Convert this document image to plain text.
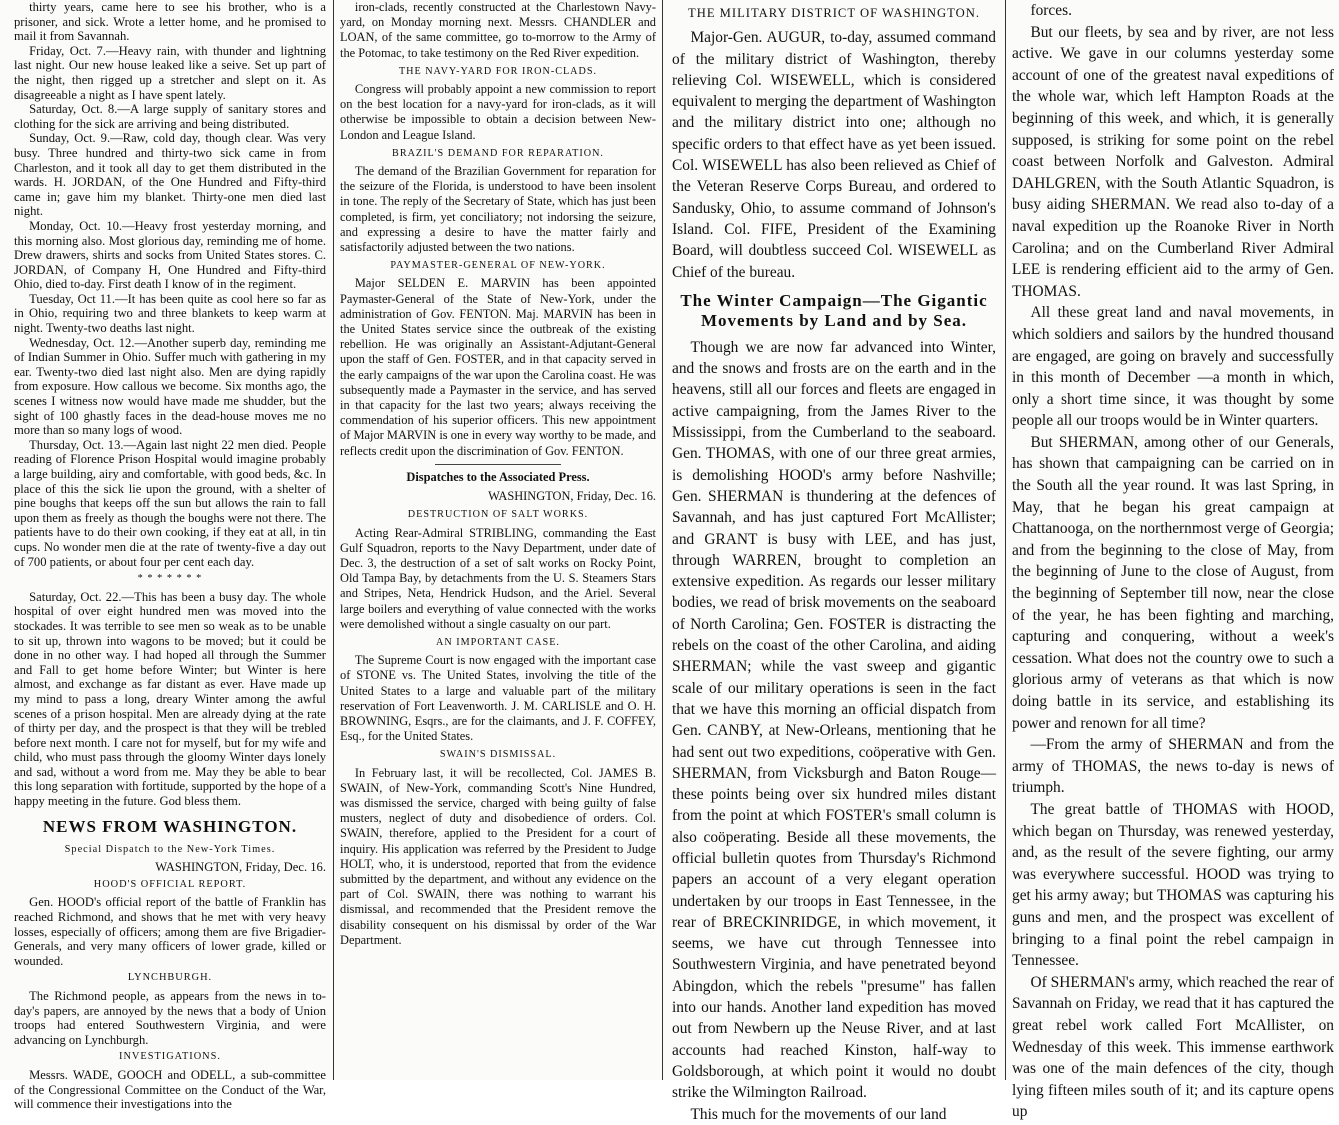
thirty years, came here to see his brother, who is a prisoner, and sick. Wrote a letter home, and he promised to mail it from Savannah.

Friday, Oct. 7.—Heavy rain, with thunder and lightning last night. Our new house leaked like a seive. Set up part of the night, then rigged up a stretcher and slept on it. As disagreeable a night as I have spent lately.

Saturday, Oct. 8.—A large supply of sanitary stores and clothing for the sick are arriving and being distributed.

Sunday, Oct. 9.—Raw, cold day, though clear. Was very busy. Three hundred and thirty-two sick came in from Charleston, and it took all day to get them distributed in the wards. H. JORDAN, of the One Hundred and Fifty-third came in; gave him my blanket. Thirty-one men died last night.

Monday, Oct. 10.—Heavy frost yesterday morning, and this morning also. Most glorious day, reminding me of home. Drew drawers, shirts and socks from United States stores. C. JORDAN, of Company H, One Hundred and Fifty-third Ohio, died to-day. First death I know of in the regiment.

Tuesday, Oct 11.—It has been quite as cool here so far as in Ohio, requiring two and three blankets to keep warm at night. Twenty-two deaths last night.

Wednesday, Oct. 12.—Another superb day, reminding me of Indian Summer in Ohio. Suffer much with gathering in my ear. Twenty-two died last night also. Men are dying rapidly from exposure. How callous we become. Six months ago, the scenes I witness now would have made me shudder, but the sight of 100 ghastly faces in the dead-house moves me no more than so many logs of wood.

Thursday, Oct. 13.—Again last night 22 men died. People reading of Florence Prison Hospital would imagine probably a large building, airy and comfortable, with good beds, &c. In place of this the sick lie upon the ground, with a shelter of pine boughs that keeps off the sun but allows the rain to fall upon them as freely as though the boughs were not there. The patients have to do their own cooking, if they eat at all, in tin cups. No wonder men die at the rate of twenty-five a day out of 700 patients, or about four per cent each day.

* * * * * * *

Saturday, Oct. 22.—This has been a busy day. The whole hospital of over eight hundred men was moved into the stockades. It was terrible to see men so weak as to be unable to sit up, thrown into wagons to be moved; but it could be done in no other way. I had hoped all through the Summer and Fall to get home before Winter; but Winter is here almost, and exchange as far distant as ever. Have made up my mind to pass a long, dreary Winter among the awful scenes of a prison hospital. Men are already dying at the rate of thirty per day, and the prospect is that they will be trebled before next month. I care not for myself, but for my wife and child, who must pass through the gloomy Winter days lonely and sad, without a word from me. May they be able to bear this long separation with fortitude, supported by the hope of a happy meeting in the future. God bless them.

NEWS FROM WASHINGTON.

Special Dispatch to the New-York Times.

WASHINGTON, Friday, Dec. 16.

HOOD'S OFFICIAL REPORT.

Gen. HOOD's official report of the battle of Franklin has reached Richmond, and shows that he met with very heavy losses, especially of officers; among them are five Brigadier-Generals, and very many officers of lower grade, killed or wounded.

LYNCHBURGH.

The Richmond people, as appears from the news in to-day's papers, are annoyed by the news that a body of Union troops had entered Southwestern Virginia, and were advancing on Lynchburgh.

INVESTIGATIONS.

Messrs. WADE, GOOCH and ODELL, a sub-committee of the Congressional Committee on the Conduct of the War, will commence their investigations into the

iron-clads, recently constructed at the Charlestown Navy-yard, on Monday morning next. Messrs. CHANDLER and LOAN, of the same committee, go to-morrow to the Army of the Potomac, to take testimony on the Red River expedition.

THE NAVY-YARD FOR IRON-CLADS.

Congress will probably appoint a new commission to report on the best location for a navy-yard for iron-clads, as it will otherwise be impossible to obtain a decision between New-London and League Island.

BRAZIL'S DEMAND FOR REPARATION.

The demand of the Brazilian Government for reparation for the seizure of the Florida, is understood to have been insolent in tone. The reply of the Secretary of State, which has just been completed, is firm, yet conciliatory; not indorsing the seizure, and expressing a desire to have the matter fairly and satisfactorily adjusted between the two nations.

PAYMASTER-GENERAL OF NEW-YORK.

Major SELDEN E. MARVIN has been appointed Paymaster-General of the State of New-York, under the administration of Gov. FENTON. Maj. MARVIN has been in the United States service since the outbreak of the existing rebellion. He was originally an Assistant-Adjutant-General upon the staff of Gen. FOSTER, and in that capacity served in the early campaigns of the war upon the Carolina coast. He was subsequently made a Paymaster in the service, and has served in that capacity for the last two years; always receiving the commendation of his superior officers. This new appointment of Major MARVIN is one in every way worthy to be made, and reflects credit upon the discrimination of Gov. FENTON.

Dispatches to the Associated Press.

WASHINGTON, Friday, Dec. 16.

DESTRUCTION OF SALT WORKS.

Acting Rear-Admiral STRIBLING, commanding the East Gulf Squadron, reports to the Navy Department, under date of Dec. 3, the destruction of a set of salt works on Rocky Point, Old Tampa Bay, by detachments from the U. S. Steamers Stars and Stripes, Neta, Hendrick Hudson, and the Ariel. Several large boilers and everything of value connected with the works were demolished without a single casualty on our part.

AN IMPORTANT CASE.

The Supreme Court is now engaged with the important case of STONE vs. The United States, involving the title of the United States to a large and valuable part of the military reservation of Fort Leavenworth. J. M. CARLISLE and O. H. BROWNING, Esqrs., are for the claimants, and J. F. COFFEY, Esq., for the United States.

SWAIN'S DISMISSAL.

In February last, it will be recollected, Col. JAMES B. SWAIN, of New-York, commanding Scott's Nine Hundred, was dismissed the service, charged with being guilty of false musters, neglect of duty and disobedience of orders. Col. SWAIN, therefore, applied to the President for a court of inquiry. His application was referred by the President to Judge HOLT, who, it is understood, reported that from the evidence submitted by the department, and without any evidence on the part of Col. SWAIN, there was nothing to warrant his dismissal, and recommended that the President remove the disability consequent on his dismissal by order of the War Department.

THE MILITARY DISTRICT OF WASHINGTON.

Major-Gen. AUGUR, to-day, assumed command of the military district of Washington, thereby relieving Col. WISEWELL, which is considered equivalent to merging the department of Washington and the military district into one; although no specific orders to that effect have as yet been issued. Col. WISEWELL has also been relieved as Chief of the Veteran Reserve Corps Bureau, and ordered to Sandusky, Ohio, to assume command of Johnson's Island. Col. FIFE, President of the Examining Board, will doubtless succeed Col. WISEWELL as Chief of the bureau.

The Winter Campaign—The Gigantic Movements by Land and by Sea.

Though we are now far advanced into Winter, and the snows and frosts are on the earth and in the heavens, still all our forces and fleets are engaged in active campaigning, from the James River to the Mississippi, from the Cumberland to the seaboard. Gen. THOMAS, with one of our three great armies, is demolishing HOOD's army before Nashville; Gen. SHERMAN is thundering at the defences of Savannah, and has just captured Fort McAllister; and GRANT is busy with LEE, and has just, through WARREN, brought to completion an extensive expedition. As regards our lesser military bodies, we read of brisk movements on the seaboard of North Carolina; Gen. FOSTER is distracting the rebels on the coast of the other Carolina, and aiding SHERMAN; while the vast sweep and gigantic scale of our military operations is seen in the fact that we have this morning an official dispatch from Gen. CANBY, at New-Orleans, mentioning that he had sent out two expeditions, coöperative with Gen. SHERMAN, from Vicksburgh and Baton Rouge—these points being over six hundred miles distant from the point at which FOSTER's small column is also coöperating. Beside all these movements, the official bulletin quotes from Thursday's Richmond papers an account of a very elegant operation undertaken by our troops in East Tennessee, in the rear of BRECKINRIDGE, in which movement, it seems, we have cut through Tennessee into Southwestern Virginia, and have penetrated beyond Abingdon, which the rebels "presume" has fallen into our hands. Another land expedition has moved out from Newbern up the Neuse River, and at last accounts had reached Kinston, half-way to Goldsborough, at which point it would no doubt strike the Wilmington Railroad.

This much for the movements of our land

forces.

But our fleets, by sea and by river, are not less active. We gave in our columns yesterday some account of one of the greatest naval expeditions of the whole war, which left Hampton Roads at the beginning of this week, and which, it is generally supposed, is striking for some point on the rebel coast between Norfolk and Galveston. Admiral DAHLGREN, with the South Atlantic Squadron, is busy aiding SHERMAN. We read also to-day of a naval expedition up the Roanoke River in North Carolina; and on the Cumberland River Admiral LEE is rendering efficient aid to the army of Gen. THOMAS.

All these great land and naval movements, in which soldiers and sailors by the hundred thousand are engaged, are going on bravely and successfully in this month of December —a month in which, only a short time since, it was thought by some people all our troops would be in Winter quarters.

But SHERMAN, among other of our Generals, has shown that campaigning can be carried on in the South all the year round. It was last Spring, in May, that he began his great campaign at Chattanooga, on the northernmost verge of Georgia; and from the beginning to the close of May, from the beginning of June to the close of August, from the beginning of September till now, near the close of the year, he has been fighting and marching, capturing and conquering, without a week's cessation. What does not the country owe to such a glorious army of veterans as that which is now doing battle in its service, and establishing its power and renown for all time?

—From the army of SHERMAN and from the army of THOMAS, the news to-day is news of triumph.

The great battle of THOMAS with HOOD, which began on Thursday, was renewed yesterday, and, as the result of the severe fighting, our army was everywhere successful. HOOD was trying to get his army away; but THOMAS was capturing his guns and men, and the prospect was excellent of bringing to a final point the rebel campaign in Tennessee.

Of SHERMAN's army, which reached the rear of Savannah on Friday, we read that it has captured the great rebel work called Fort McAllister, on Wednesday of this week. This immense earthwork was one of the main defences of the city, though lying fifteen miles south of it; and its capture opens up
